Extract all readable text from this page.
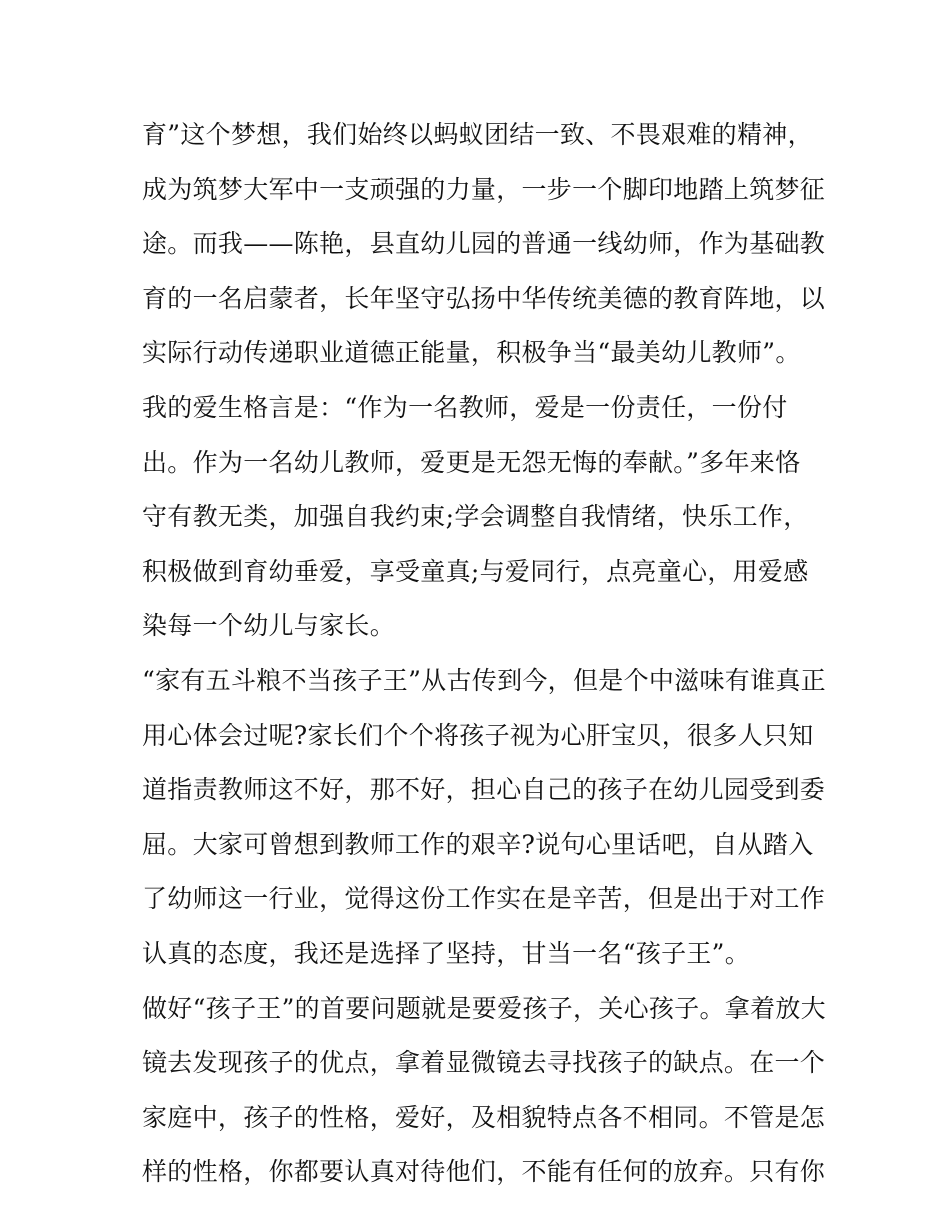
育”这个梦想，我们始终以蚂蚁团结一致、不畏艰难的精神，
成为筑梦大军中一支顽强的力量，一步一个脚印地踏上筑梦征
途。而我——陈艳，县直幼儿园的普通一线幼师，作为基础教
育的一名启蒙者，长年坚守弘扬中华传统美德的教育阵地，以
实际行动传递职业道德正能量，积极争当“最美幼儿教师”。
我的爱生格言是：“作为一名教师，爱是一份责任，一份付
出。作为一名幼儿教师，爱更是无怨无悔的奉献。”多年来恪
守有教无类，加强自我约束;学会调整自我情绪，快乐工作，
积极做到育幼垂爱，享受童真;与爱同行，点亮童心，用爱感
染每一个幼儿与家长。
“家有五斗粮不当孩子王”从古传到今，但是个中滋味有谁真正
用心体会过呢?家长们个个将孩子视为心肝宝贝，很多人只知
道指责教师这不好，那不好，担心自己的孩子在幼儿园受到委
屈。大家可曾想到教师工作的艰辛?说句心里话吧，自从踏入
了幼师这一行业，觉得这份工作实在是辛苦，但是出于对工作
认真的态度，我还是选择了坚持，甘当一名“孩子王”。
做好“孩子王”的首要问题就是要爱孩子，关心孩子。拿着放大
镜去发现孩子的优点，拿着显微镜去寻找孩子的缺点。在一个
家庭中，孩子的性格，爱好，及相貌特点各不相同。不管是怎
样的性格，你都要认真对待他们，不能有任何的放弃。只有你
